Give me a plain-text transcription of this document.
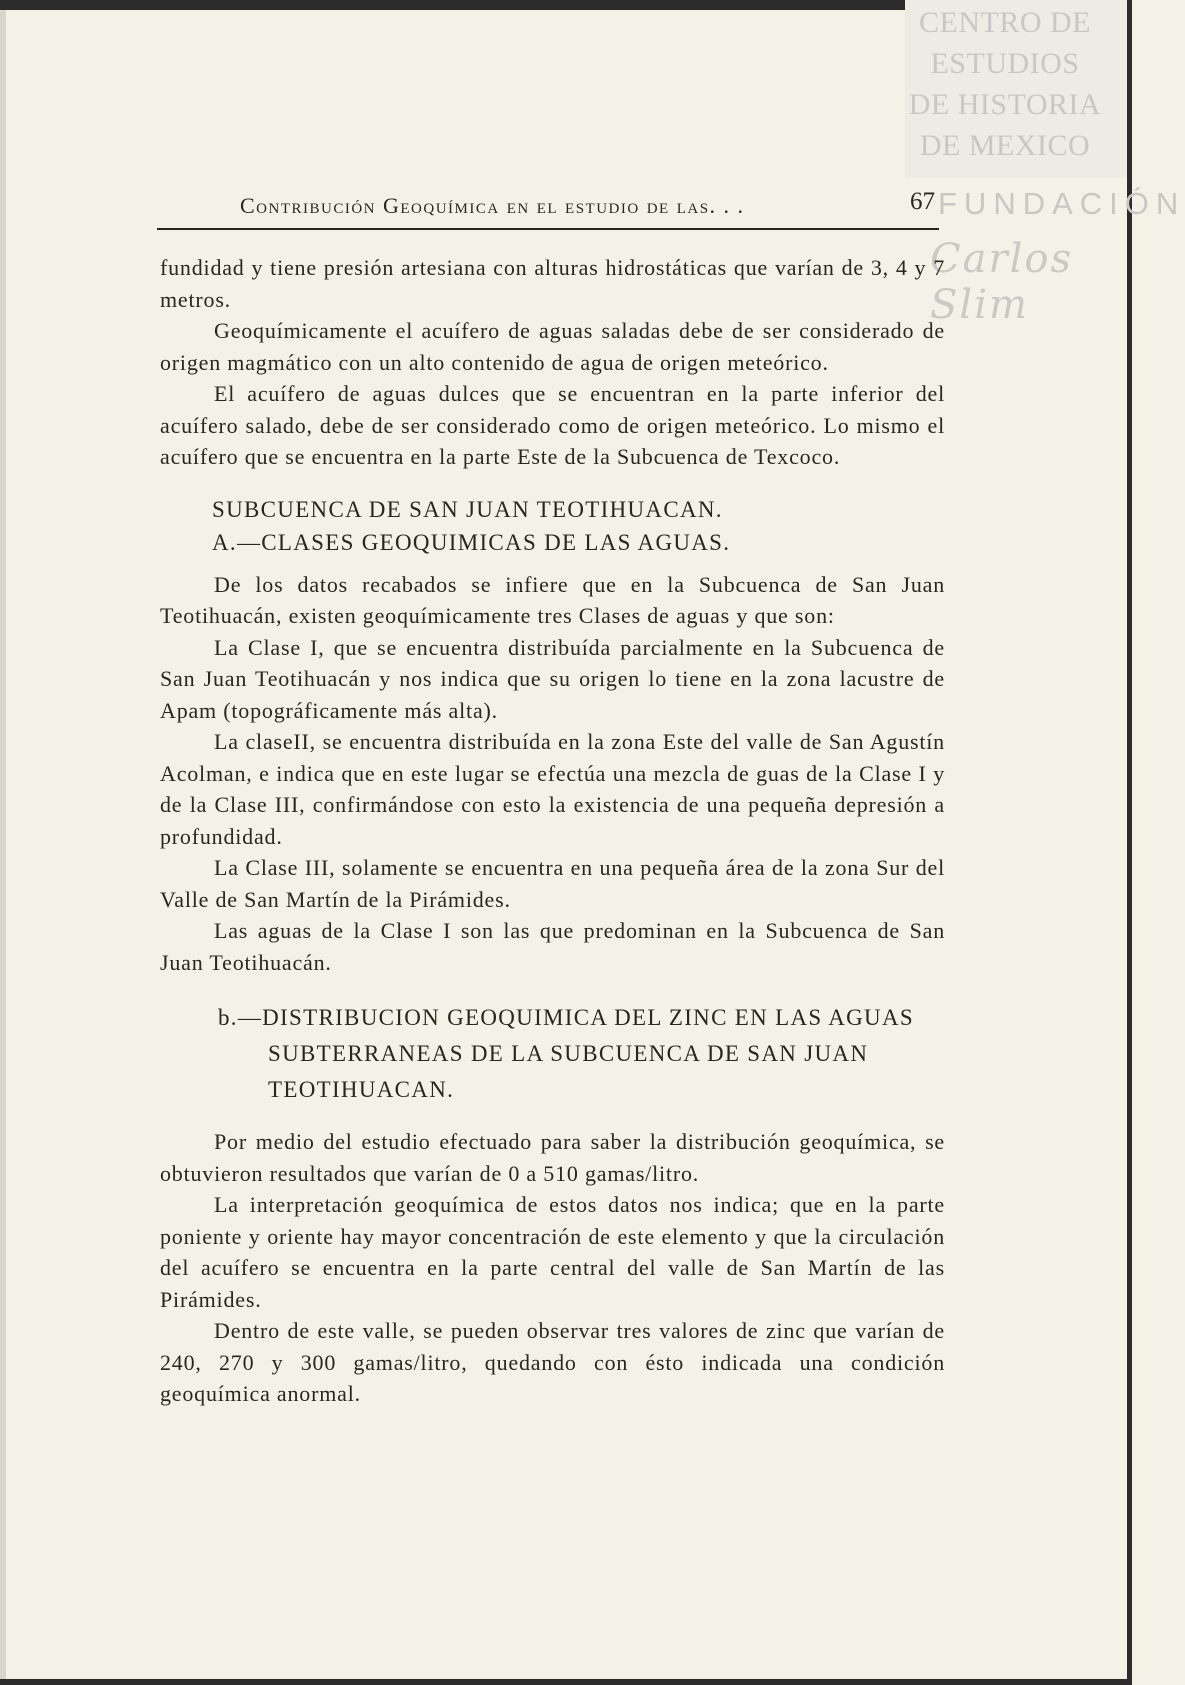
CENTRO DE
ESTUDIOS
DE HISTORIA
DE MEXICO
FUNDACIÓN
Carlos Slim
Contribución Geoquímica en el estudio de las. . .	67

fundidad y tiene presión artesiana con alturas hidrostáticas que varían de 3, 4 y 7 metros.

Geoquímicamente el acuífero de aguas saladas debe de ser considerado de origen magmático con un alto contenido de agua de origen meteórico.

El acuífero de aguas dulces que se encuentran en la parte inferior del acuífero salado, debe de ser considerado como de origen meteórico. Lo mismo el acuífero que se encuentra en la parte Este de la Subcuenca de Texcoco.

SUBCUENCA DE SAN JUAN TEOTIHUACAN.

A.—CLASES GEOQUIMICAS DE LAS AGUAS.

De los datos recabados se infiere que en la Subcuenca de San Juan Teotihuacán, existen geoquímicamente tres Clases de aguas y que son:

La Clase I, que se encuentra distribuída parcialmente en la Subcuenca de San Juan Teotihuacán y nos indica que su origen lo tiene en la zona lacustre de Apam (topográficamente más alta).

La claseII, se encuentra distribuída en la zona Este del valle de San Agustín Acolman, e indica que en este lugar se efectúa una mezcla de guas de la Clase I y de la Clase III, confirmándose con esto la existencia de una pequeña depresión a profundidad.

La Clase III, solamente se encuentra en una pequeña área de la zona Sur del Valle de San Martín de la Pirámides.

Las aguas de la Clase I son las que predominan en la Subcuenca de San Juan Teotihuacán.

b.—DISTRIBUCION GEOQUIMICA DEL ZINC EN LAS AGUAS SUBTERRANEAS DE LA SUBCUENCA DE SAN JUAN TEOTIHUACAN.

Por medio del estudio efectuado para saber la distribución geoquímica, se obtuvieron resultados que varían de 0 a 510 gamas/litro.

La interpretación geoquímica de estos datos nos indica; que en la parte poniente y oriente hay mayor concentración de este elemento y que la circulación del acuífero se encuentra en la parte central del valle de San Martín de las Pirámides.

Dentro de este valle, se pueden observar tres valores de zinc que varían de 240, 270 y 300 gamas/litro, quedando con ésto indicada una condición geoquímica anormal.
